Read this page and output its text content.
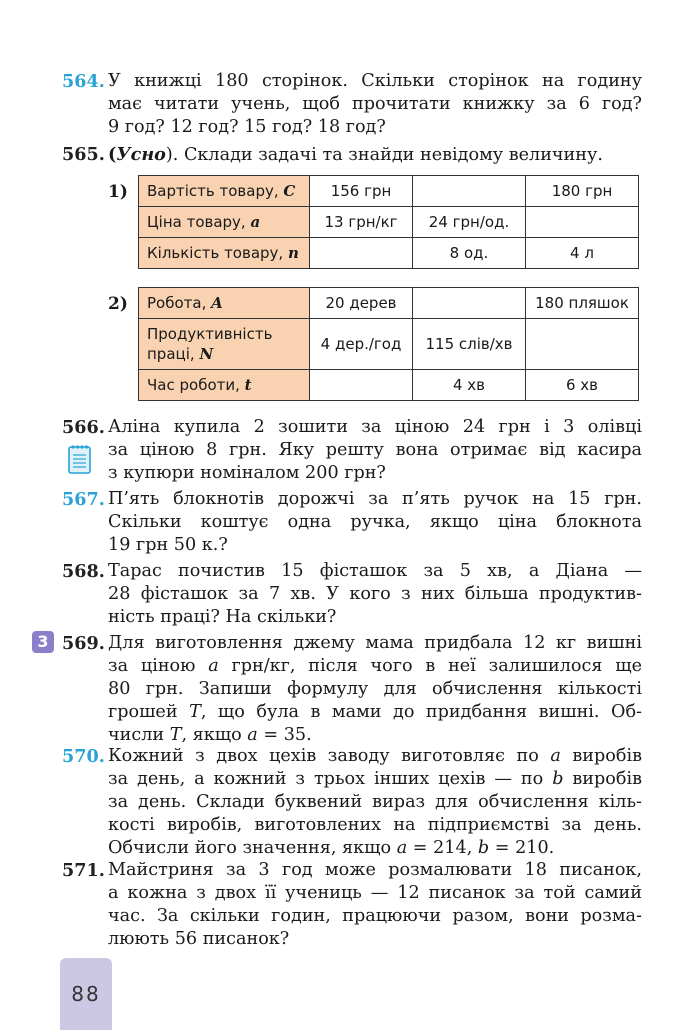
564. У книжці 180 сторінок. Скільки сторінок на годину
має читати учень, щоб прочитати книжку за 6 год?
9 год? 12 год? 15 год? 18 год?
565. (Усно). Склади задачі та знайди невідому величину.
1) Вартість товару, C	156 грн		180 грн
Ціна товару, a	13 грн/кг	24 грн/од.	
Кількість товару, n		8 од.	4 л
2) Робота, A	20 дерев		180 пляшок
Продуктивність праці, N	4 дер./год	115 слів/хв	
Час роботи, t		4 хв	6 хв
566. Аліна купила 2 зошити за ціною 24 грн і 3 олівці
за ціною 8 грн. Яку решту вона отримає від касира
з купюри номіналом 200 грн?
567. П’ять блокнотів дорожчі за п’ять ручок на 15 грн.
Скільки коштує одна ручка, якщо ціна блокнота
19 грн 50 к.?
568. Тарас почистив 15 фісташок за 5 хв, а Діана —
28 фісташок за 7 хв. У кого з них більша продуктив-
ність праці? На скільки?
3 569. Для виготовлення джему мама придбала 12 кг вишні
за ціною a грн/кг, після чого в неї залишилося ще
80 грн. Запиши формулу для обчислення кількості
грошей T, що була в мами до придбання вишні. Об-
числи T, якщо a = 35.
570. Кожний з двох цехів заводу виготовляє по a виробів
за день, а кожний з трьох інших цехів — по b виробів
за день. Склади буквений вираз для обчислення кіль-
кості виробів, виготовлених на підприємстві за день.
Обчисли його значення, якщо a = 214, b = 210.
571. Майстриня за 3 год може розмалювати 18 писанок,
а кожна з двох її учениць — 12 писанок за той самий
час. За скільки годин, працюючи разом, вони розма-
люють 56 писанок?
88
